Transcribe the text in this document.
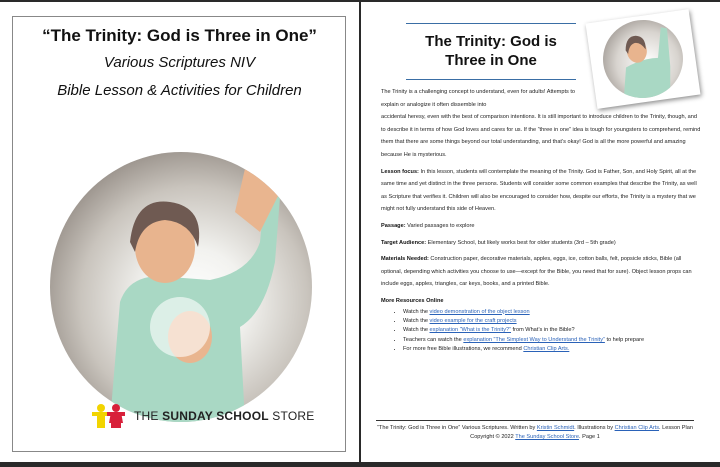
“The Trinity: God is Three in One”
Various Scriptures NIV
Bible Lesson & Activities for Children
THE SUNDAY SCHOOL STORE
The Trinity: God is
Three in One

The Trinity is a challenging concept to understand, even for adults! Attempts to explain or analogize it often dissemble into

accidental heresy, even with the best of comparison intentions. It is still important to introduce children to the Trinity, though, and to describe it in terms of how God loves and cares for us. If the “three in one” idea is tough for youngsters to comprehend, remind them that there are some things beyond our total understanding, and that’s okay! God is all the more powerful and amazing because He is mysterious.

Lesson focus: In this lesson, students will contemplate the meaning of the Trinity. God is Father, Son, and Holy Spirit, all at the same time and yet distinct in the three persons. Students will consider some common examples that describe the Trinity, as well as Scripture that verifies it. Children will also be encouraged to consider how, despite our efforts, the Trinity is a mystery that we might not fully understand this side of Heaven.

Passage: Varied passages to explore

Target Audience: Elementary School, but likely works best for older students (3rd – 5th grade)

Materials Needed: Construction paper, decorative materials, apples, eggs, ice, cotton balls, felt, popsicle sticks, Bible (all optional, depending which activities you choose to use—except for the Bible, you need that for sure). Object lesson props can include eggs, apples, triangles, car keys, books, and a printed Bible.

More Resources Online

• Watch the video demonstration of the object lesson
• Watch the video example for the craft projects
• Watch the explanation “What is the Trinity?” from What’s in the Bible?
• Teachers can watch the explanation “The Simplest Way to Understand the Trinity” to help prepare
• For more free Bible illustrations, we recommend Christian Clip Arts.
“The Trinity: God is Three in One” Various Scriptures. Written by Kristin Schmidt. Illustrations by Christian Clip Arts. Lesson Plan Copyright © 2022 The Sunday School Store. Page 1
